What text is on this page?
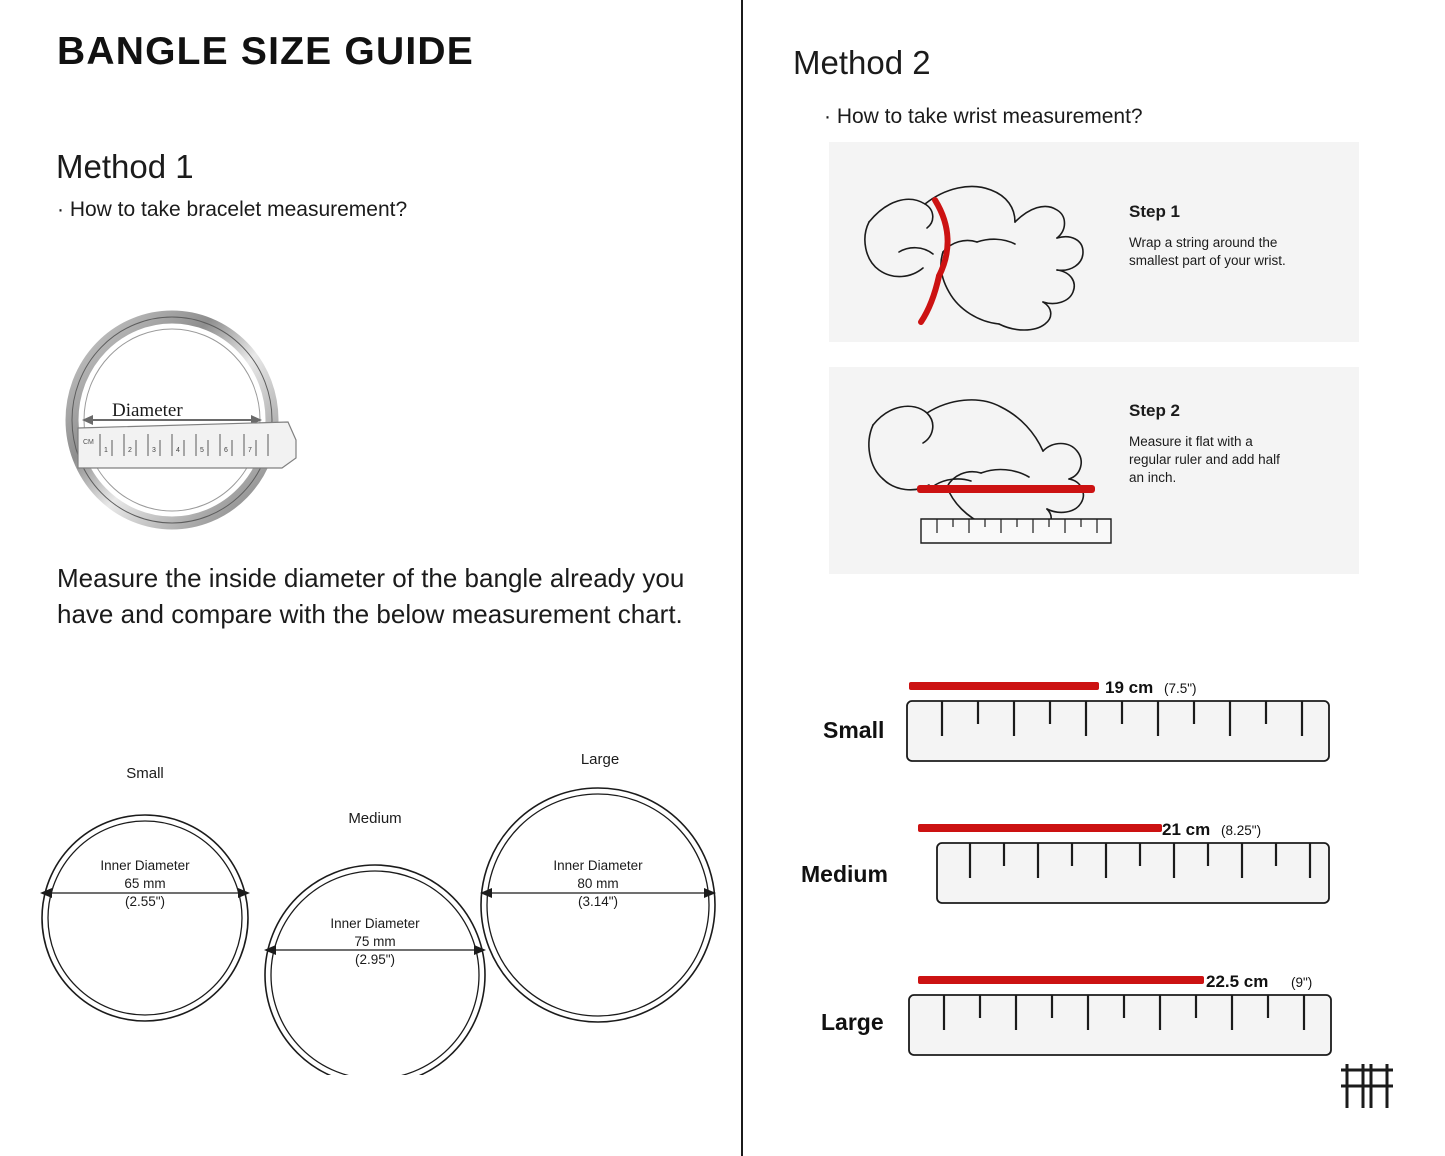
BANGLE SIZE GUIDE
Method 1
· How to take bracelet measurement?
CM
1	2	3	4	5	6	7
Diameter
Measure the inside diameter of the bangle already you have and compare with the below measurement chart.
Small
Medium
Large
Inner Diameter
65 mm
(2.55")
Inner Diameter
75 mm
(2.95")
Inner Diameter
80 mm
(3.14")
Method 2
· How to take wrist measurement?
Step 1
Wrap a string around the smallest part of your wrist.
Step 2
Measure it flat with a regular ruler and add half an inch.
Small
19 cm (7.5")
Medium
21 cm (8.25")
Large
22.5 cm (9")
